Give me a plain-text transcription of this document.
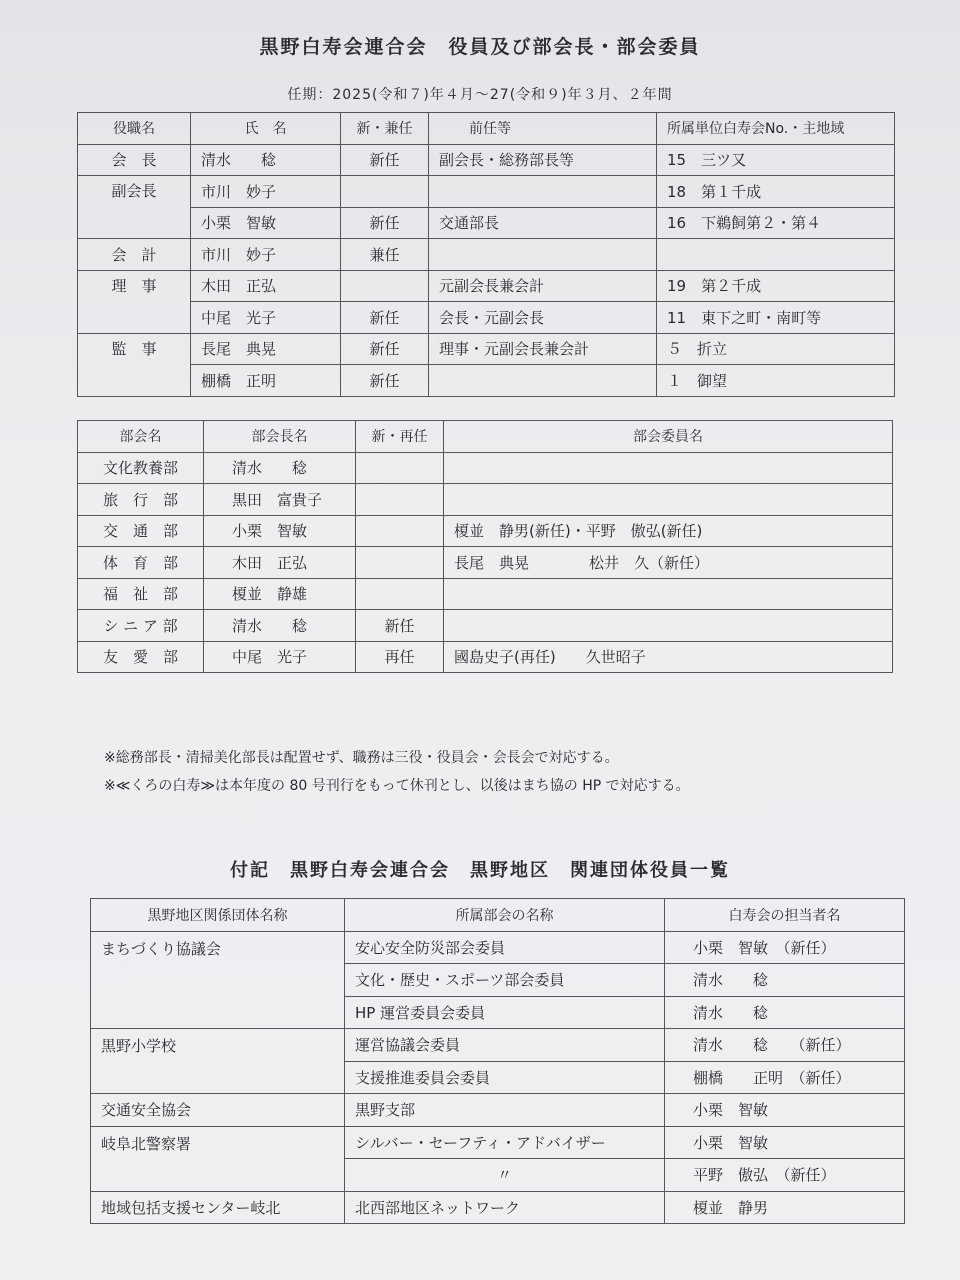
黒野白寿会連合会　役員及び部会長・部会委員
任期：2025(令和７)年４月～27(令和９)年３月、２年間
役職名	氏　名	新・兼任	前任等	所属単位白寿会No.・主地域
会　長	清水　　稔	新任	副会長・総務部長等	15　三ツ又
副会長	市川　妙子			18　第１千成
	小栗　智敏	新任	交通部長	16　下鵜飼第２・第４
会　計	市川　妙子	兼任		
理　事	木田　正弘		元副会長兼会計	19　第２千成
	中尾　光子	新任	会長・元副会長	11　東下之町・南町等
監　事	長尾　典晃	新任	理事・元副会長兼会計	５　折立
	棚橋　正明	新任		１　御望
部会名	部会長名	新・再任	部会委員名
文化教養部	清水　　稔		
旅　行　部	黒田　富貴子		
交　通　部	小栗　智敏		榎並　静男(新任)・平野　傲弘(新任)
体　育　部	木田　正弘		長尾　典晃　　　　松井　久（新任）
福　祉　部	榎並　静雄		
シ ニ ア 部	清水　　稔	新任	
友　愛　部	中尾　光子	再任	國島史子(再任)　　久世昭子
※総務部長・清掃美化部長は配置せず、職務は三役・役員会・会長会で対応する。
※≪くろの白寿≫は本年度の 80 号刊行をもって休刊とし、以後はまち協の HP で対応する。
付記　黒野白寿会連合会　黒野地区　関連団体役員一覧
黒野地区関係団体名称	所属部会の名称	白寿会の担当者名
まちづくり協議会	安心安全防災部会委員	小栗　智敏　（新任）
	文化・歴史・スポーツ部会委員	清水　　稔
	HP 運営委員会委員	清水　　稔
黒野小学校	運営協議会委員	清水　　稔　　（新任）
	支援推進委員会委員	棚橋　　正明　（新任）
交通安全協会	黒野支部	小栗　智敏
岐阜北警察署	シルバー・セーフティ・アドバイザー	小栗　智敏
	〃	平野　傲弘　（新任）
地域包括支援センター岐北	北西部地区ネットワーク	榎並　静男
